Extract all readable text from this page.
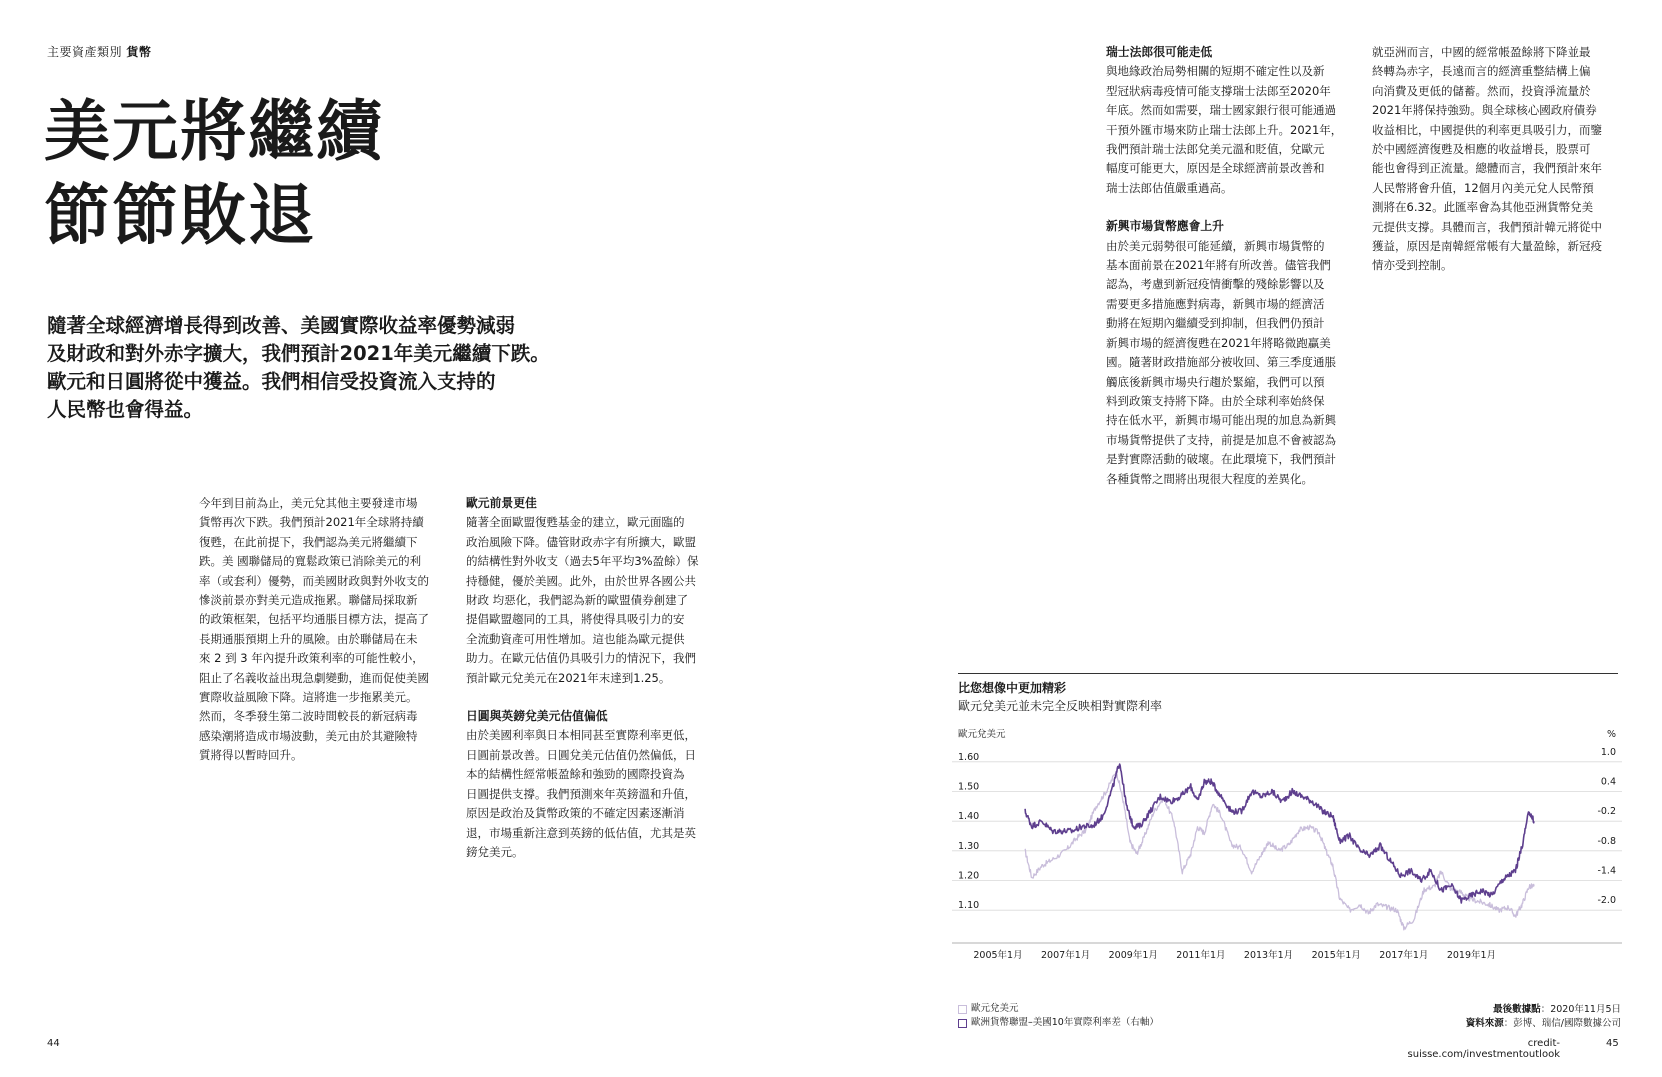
主要資產類別 貨幣
美元將繼續
節節敗退

隨著全球經濟增長得到改善、美國實際收益率優勢減弱
及財政和對外赤字擴大，我們預計2021年美元繼續下跌。
歐元和日圓將從中獲益。我們相信受投資流入支持的
人民幣也會得益。

今年到目前為止，美元兌其他主要發達市場

貨幣再次下跌。我們預計2021年全球將持續

復甦，在此前提下，我們認為美元將繼續下

跌。美 國聯儲局的寬鬆政策已消除美元的利

率（或套利）優勢，而美國財政與對外收支的

慘淡前景亦對美元造成拖累。聯儲局採取新

的政策框架，包括平均通脹目標方法，提高了

長期通脹預期上升的風險。由於聯儲局在未

來 2 到 3 年內提升政策利率的可能性較小，

阻止了名義收益出現急劇變動，進而促使美國

實際收益風險下降。這將進一步拖累美元。

然而，冬季發生第二波時間較長的新冠病毒

感染潮將造成市場波動，美元由於其避險特

質將得以暫時回升。

歐元前景更佳

隨著全面歐盟復甦基金的建立，歐元面臨的

政治風險下降。儘管財政赤字有所擴大，歐盟

的結構性對外收支（過去5年平均3%盈餘）保

持穩健，優於美國。此外，由於世界各國公共

財政 均惡化，我們認為新的歐盟債券創建了

提倡歐盟趨同的工具，將使得具吸引力的安

全流動資產可用性增加。這也能為歐元提供

助力。在歐元估值仍具吸引力的情況下，我們

預計歐元兌美元在2021年末達到1.25。

日圓與英鎊兌美元估值偏低

由於美國利率與日本相同甚至實際利率更低，

日圓前景改善。日圓兌美元估值仍然偏低，日

本的結構性經常帳盈餘和強勁的國際投資為

日圓提供支撐。我們預測來年英鎊溫和升值，

原因是政治及貨幣政策的不確定因素逐漸消

退，市場重新注意到英鎊的低估值，尤其是英

鎊兌美元。

瑞士法郎很可能走低

與地緣政治局勢相關的短期不確定性以及新

型冠狀病毒疫情可能支撐瑞士法郎至2020年

年底。然而如需要，瑞士國家銀行很可能通過

干預外匯市場來防止瑞士法郎上升。2021年，

我們預計瑞士法郎兌美元溫和貶值，兌歐元

幅度可能更大，原因是全球經濟前景改善和

瑞士法郎估值嚴重過高。

新興市場貨幣應會上升

由於美元弱勢很可能延續，新興市場貨幣的

基本面前景在2021年將有所改善。儘管我們

認為，考慮到新冠疫情衝擊的殘餘影響以及

需要更多措施應對病毒，新興市場的經濟活

動將在短期內繼續受到抑制，但我們仍預計

新興市場的經濟復甦在2021年將略微跑贏美

國。隨著財政措施部分被收回、第三季度通脹

觸底後新興市場央行趨於緊縮，我們可以預

料到政策支持將下降。由於全球利率始終保

持在低水平，新興市場可能出現的加息為新興

市場貨幣提供了支持，前提是加息不會被認為

是對實際活動的破壞。在此環境下，我們預計

各種貨幣之間將出現很大程度的差異化。

就亞洲而言，中國的經常帳盈餘將下降並最

終轉為赤字，長遠而言的經濟重整結構上偏

向消費及更低的儲蓄。然而，投資淨流量於

2021年將保持強勁。與全球核心國政府債券

收益相比，中國提供的利率更具吸引力，而鑒

於中國經濟復甦及相應的收益增長，股票可

能也會得到正流量。總體而言，我們預計來年

人民幣將會升值，12個月內美元兌人民幣預

測將在6.32。此匯率會為其他亞洲貨幣兌美

元提供支撐。具體而言，我們預計韓元將從中

獲益，原因是南韓經常帳有大量盈餘，新冠疫

情亦受到控制。

比您想像中更加精彩
歐元兌美元並未完全反映相對實際利率
歐元兌美元	%
1.60
1.50
1.40
1.30
1.20
1.10
1.0
0.4
-0.2
-0.8
-1.4
-2.0
2005年1月 2007年1月 2009年1月 2011年1月 2013年1月 2015年1月 2017年1月 2019年1月
歐元兌美元
歐洲貨幣聯盟–美國10年實際利率差（右軸）
最後數據點：2020年11月5日
資料來源：彭博、瑞信/國際數據公司
44	credit-suisse.com/investmentoutlook
45
